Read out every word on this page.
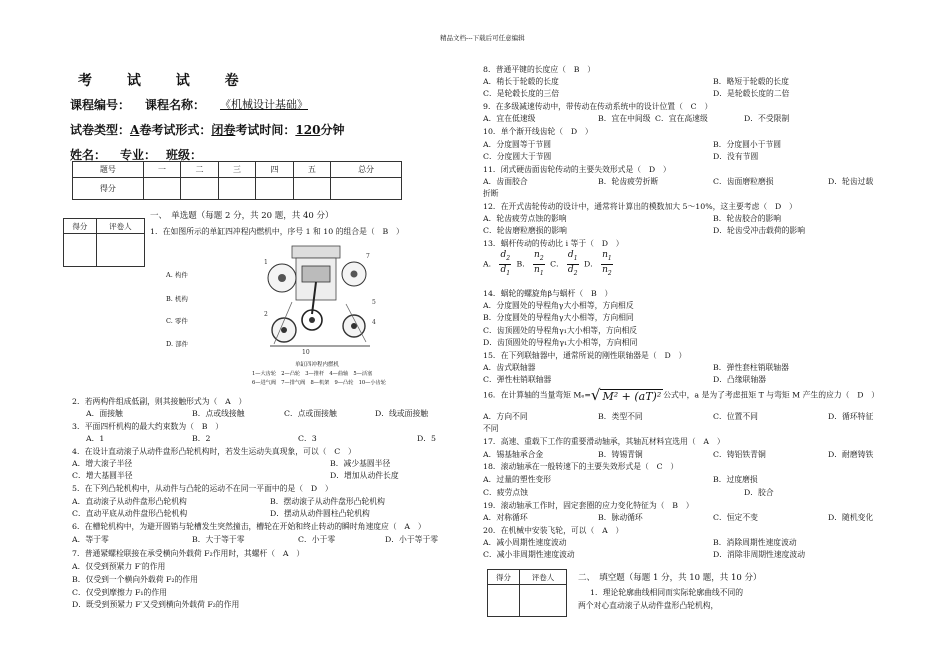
精品文档---下载后可任意编辑
考 试 试 卷
课程编号： 课程名称：	《机械设计基础》
试卷类型：A卷考试形式：闭卷考试时间：120分钟
姓名： 专业： 班级：
题号	一	二	三	四	五	总分
得分						
得分	评卷人

一、　单选题（每题 2 分，共 20 题，共 40 分）
1．在如图所示的单缸四冲程内燃机中，序号 1 和 10 的组合是（　B　）
A. 构件
B. 机构
C. 零件
D. 部件
1
7
5
4
2
10
单缸四冲程内燃机
1—大齿轮　2—凸轮　3—推杆　4—曲轴　5—活塞
6—进气阀　7—排气阀　8—机架　9—凸轮　10—小齿轮
2．若两构件组成低副，则其接触形式为（　A　）
A．面接触	B．点或线接触	C．点或面接触	D．线或面接触
3．平面四杆机构的最大约束数为（　B　）
A．1	B．2	C．3	D．5
4．在设计直动滚子从动件盘形凸轮机构时，若发生运动失真现象，可以（　C　）
A．增大滚子半径	B．减少基圆半径
C．增大基圆半径	D．增加从动件长度
5．在下列凸轮机构中，从动件与凸轮的运动不在同一平面中的是（　D　）
A．直动滚子从动件盘形凸轮机构	B．摆动滚子从动件盘形凸轮机构
C．直动平底从动件盘形凸轮机构	D．摆动从动件圆柱凸轮机构
6．在槽轮机构中，为避开圆销与轮槽发生突然撞击，槽轮在开始和终止转动的瞬时角速度应（　A　）
A．等于零	B．大于等于零	C．小于零	D．小于等于零
7．普通紧螺栓联接在承受横向外载荷 F₂作用时，其螺杆（　A　）
A．仅受到预紧力 F′的作用
B．仅受到一个横向外载荷 F₂的作用
C．仅受到摩擦力 F₁的作用
D．既受到预紧力 F′又受到横向外载荷 F₂的作用
8．普通平键的长度应（　B　）
A．稍长于轮毂的长度	B．略短于轮毂的长度
C．是轮毂长度的三倍	D．是轮毂长度的二倍
9．在多级减速传动中，带传动在传动系统中的设计位置（　C　）
A．宜在低速级	B．宜在中间级 C．宜在高速级	D．不受限制
10．单个渐开线齿轮（　D　）
A．分度圆等于节圆	B．分度圆小于节圆
C．分度圆大于节圆	D．没有节圆
11．闭式硬齿面齿轮传动的主要失效形式是（　D　）
A．齿面胶合	B．轮齿疲劳折断	C．齿面磨粒磨损	D．轮齿过载
折断
12．在开式齿轮传动的设计中，通常将计算出的模数加大 5～10%，这主要考虑（　D　）
A．轮齿疲劳点蚀的影响	B．轮齿胶合的影响
C．轮齿磨粒磨损的影响	D．轮齿受冲击载荷的影响
13．蜗杆传动的传动比 i 等于（　D　）
A． $\frac{d_2}{d_1}$ B． $\frac{n_2}{n_1}$ C． $\frac{d_1}{d_2}$ D． $\frac{n_1}{n_2}$
14．蜗轮的螺旋角β与蜗杆（　B　）
A．分度圆处的导程角γ大小相等，方向相反
B．分度圆处的导程角γ大小相等，方向相同
C．齿顶圆处的导程角γ₁大小相等，方向相反
D．齿顶圆处的导程角γ₁大小相等，方向相同
15．在下列联轴器中，通常所说的刚性联轴器是（　D　）
A．齿式联轴器	B．弹性套柱销联轴器
C．弹性柱销联轴器	D．凸缘联轴器
16．在计算轴的当量弯矩 Mₑ=√ M² + (aT)² 公式中，a 是为了考虑扭矩 T 与弯矩 M 产生的应力（　D　）
A．方向不同	B．类型不同	C．位置不同	D．循环特征
不同
17．高速、重载下工作的重要滑动轴承，其轴瓦材料宜选用（　A　）
A．锡基轴承合金	B．铸锡青铜	C．铸铝铁青铜	D．耐磨铸铁
18．滚动轴承在一般转速下的主要失效形式是（　C　）
A．过量的塑性变形	B．过度磨损
C．疲劳点蚀	D．胶合
19．滚动轴承工作时，固定套圈的应力变化特征为（　B　）
A．对称循环	B．脉动循环	C．恒定不变	D．随机变化
20．在机械中安装飞轮，可以（　A　）
A．减小周期性速度波动	B．消除周期性速度波动
C．减小非周期性速度波动	D．消除非周期性速度波动
得分	评卷人
		二、　填空题（每题 1 分，共 10 题，共 10 分）
1．理论轮廓曲线相同而实际轮廓曲线不同的
两个对心直动滚子从动件盘形凸轮机构，
